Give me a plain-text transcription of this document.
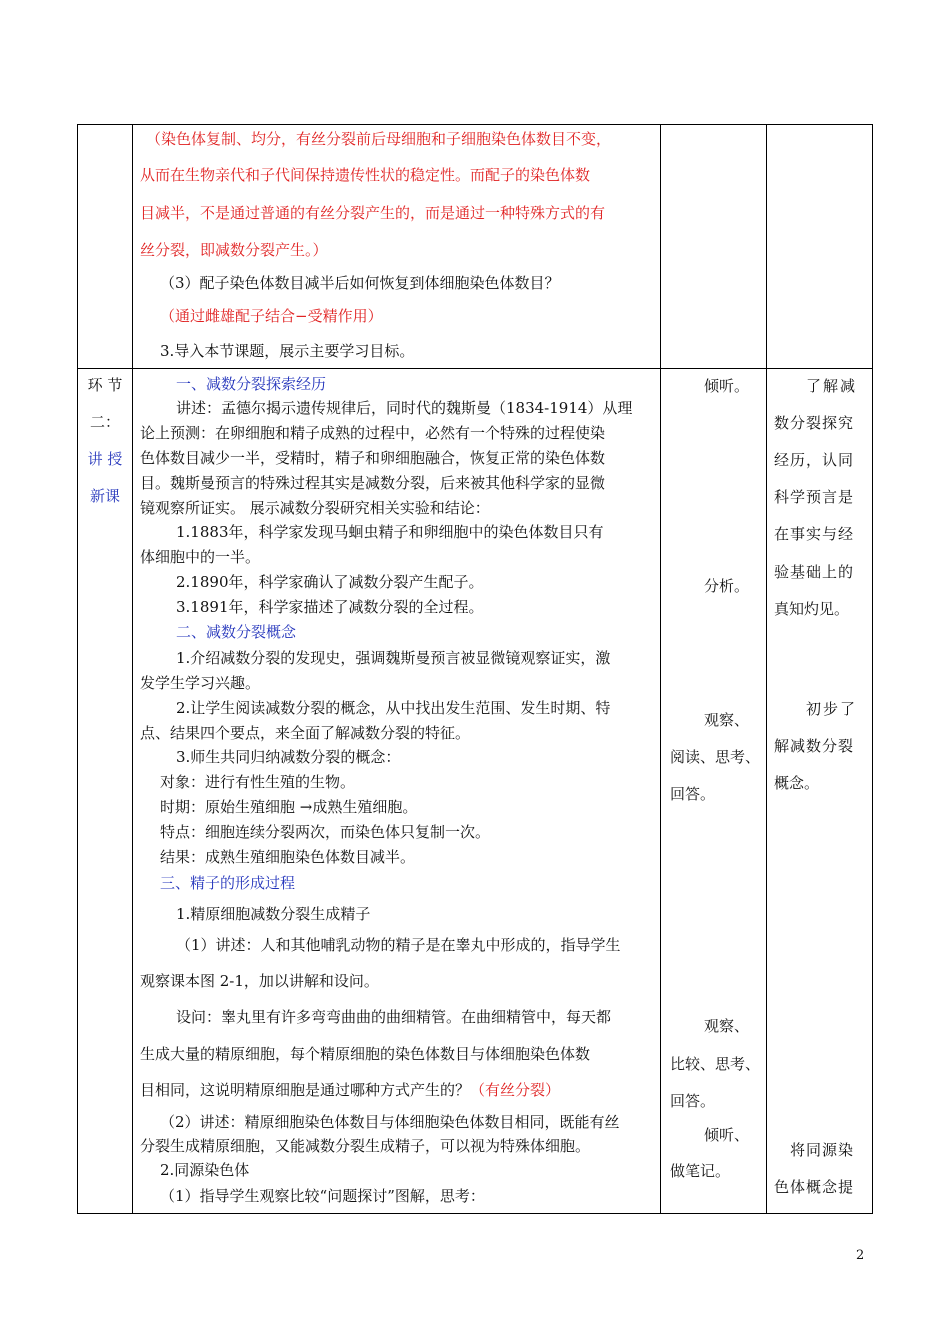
（染色体复制、均分，有丝分裂前后母细胞和子细胞染色体数目不变，
从而在生物亲代和子代间保持遗传性状的稳定性。而配子的染色体数
目减半，不是通过普通的有丝分裂产生的，而是通过一种特殊方式的有
丝分裂，即减数分裂产生。）
（3）配子染色体数目减半后如何恢复到体细胞染色体数目？
（通过雌雄配子结合−受精作用）
3.导入本节课题，展示主要学习目标。
环 节
二：
讲 授
新课
一、减数分裂探索经历
讲述：孟德尔揭示遗传规律后，同时代的魏斯曼（1834-1914）从理
论上预测：在卵细胞和精子成熟的过程中，必然有一个特殊的过程使染
色体数目减少一半，受精时，精子和卵细胞融合，恢复正常的染色体数
目。魏斯曼预言的特殊过程其实是减数分裂，后来被其他科学家的显微
镜观察所证实。 展示减数分裂研究相关实验和结论：
1.1883年，科学家发现马蛔虫精子和卵细胞中的染色体数目只有
体细胞中的一半。
2.1890年，科学家确认了减数分裂产生配子。
3.1891年，科学家描述了减数分裂的全过程。
二、减数分裂概念
1.介绍减数分裂的发现史，强调魏斯曼预言被显微镜观察证实，激
发学生学习兴趣。
2.让学生阅读减数分裂的概念，从中找出发生范围、发生时期、特
点、结果四个要点，来全面了解减数分裂的特征。
3.师生共同归纳减数分裂的概念：
对象：进行有性生殖的生物。
时期：原始生殖细胞 →成熟生殖细胞。
特点：细胞连续分裂两次，而染色体只复制一次。
结果：成熟生殖细胞染色体数目减半。
三、精子的形成过程
1.精原细胞减数分裂生成精子
（1）讲述：人和其他哺乳动物的精子是在睾丸中形成的，指导学生
观察课本图 2-1，加以讲解和设问。
设问：睾丸里有许多弯弯曲曲的曲细精管。在曲细精管中，每天都
生成大量的精原细胞，每个精原细胞的染色体数目与体细胞染色体数
目相同，这说明精原细胞是通过哪种方式产生的？（有丝分裂）
（2）讲述：精原细胞染色体数目与体细胞染色体数目相同，既能有丝
分裂生成精原细胞，又能减数分裂生成精子，可以视为特殊体细胞。
2.同源染色体
（1）指导学生观察比较“问题探讨”图解，思考：
倾听。
分析。
观察、
阅读、思考、
回答。
观察、
比较、思考、
回答。
倾听、
做笔记。
了解减
数分裂探究
经历，认同
科学预言是
在事实与经
验基础上的
真知灼见。
初步了
解减数分裂
概念。
将同源染
色体概念提
2
